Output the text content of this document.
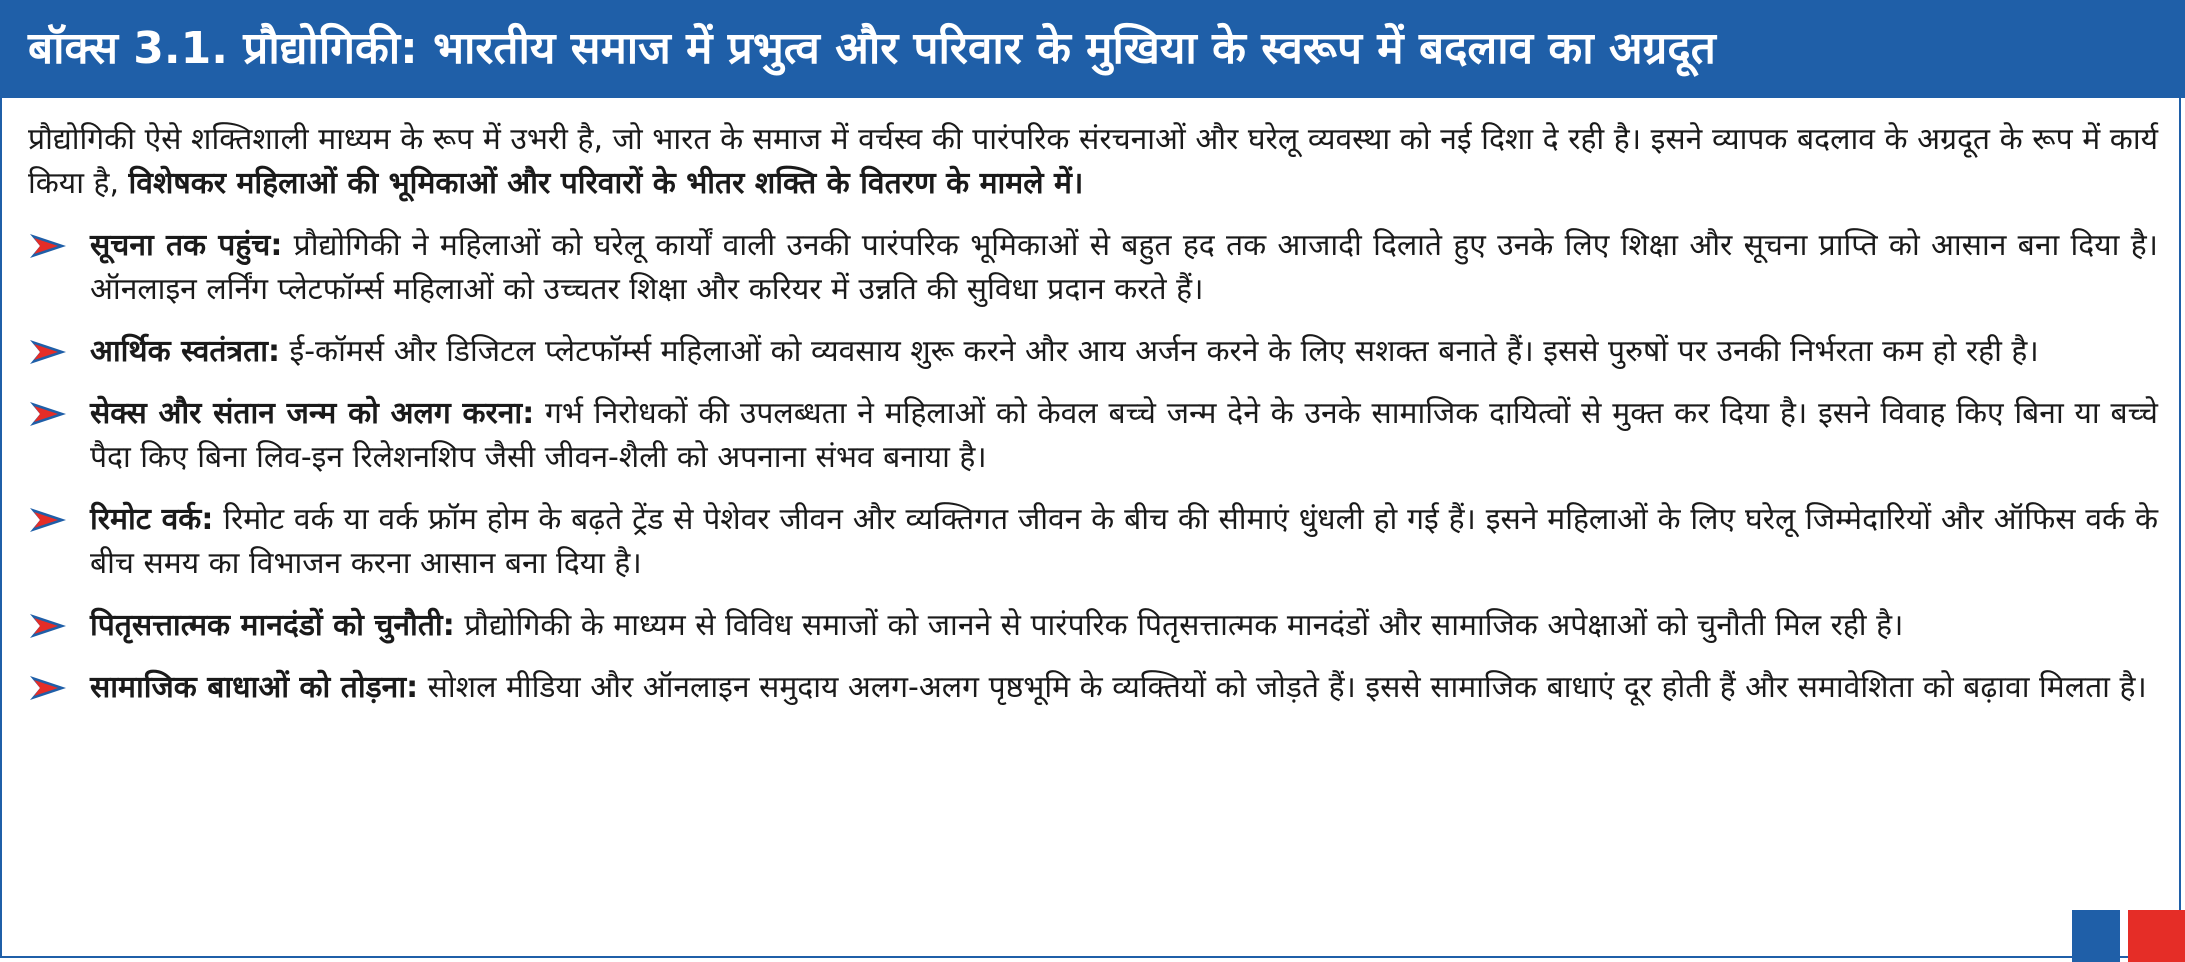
बॉक्स 3.1. प्रौद्योगिकी: भारतीय समाज में प्रभुत्व और परिवार के मुखिया के स्वरूप में बदलाव का अग्रदूत

प्रौद्योगिकी ऐसे शक्तिशाली माध्यम के रूप में उभरी है, जो भारत के समाज में वर्चस्व की पारंपरिक संरचनाओं और घरेलू व्यवस्था को नई दिशा दे रही है। इसने व्यापक बदलाव के अग्रदूत के रूप में कार्य किया है, विशेषकर महिलाओं की भूमिकाओं और परिवारों के भीतर शक्ति के वितरण के मामले में।

सूचना तक पहुंच: प्रौद्योगिकी ने महिलाओं को घरेलू कार्यों वाली उनकी पारंपरिक भूमिकाओं से बहुत हद तक आजादी दिलाते हुए उनके लिए शिक्षा और सूचना प्राप्ति को आसान बना दिया है। ऑनलाइन लर्निंग प्लेटफॉर्म्स महिलाओं को उच्चतर शिक्षा और करियर में उन्नति की सुविधा प्रदान करते हैं।
आर्थिक स्वतंत्रता: ई-कॉमर्स और डिजिटल प्लेटफॉर्म्स महिलाओं को व्यवसाय शुरू करने और आय अर्जन करने के लिए सशक्त बनाते हैं। इससे पुरुषों पर उनकी निर्भरता कम हो रही है।
सेक्स और संतान जन्म को अलग करना: गर्भ निरोधकों की उपलब्धता ने महिलाओं को केवल बच्चे जन्म देने के उनके सामाजिक दायित्वों से मुक्त कर दिया है। इसने विवाह किए बिना या बच्चे पैदा किए बिना लिव-इन रिलेशनशिप जैसी जीवन-शैली को अपनाना संभव बनाया है।
रिमोट वर्क: रिमोट वर्क या वर्क फ्रॉम होम के बढ़ते ट्रेंड से पेशेवर जीवन और व्यक्तिगत जीवन के बीच की सीमाएं धुंधली हो गई हैं। इसने महिलाओं के लिए घरेलू जिम्मेदारियों और ऑफिस वर्क के बीच समय का विभाजन करना आसान बना दिया है।
पितृसत्तात्मक मानदंडों को चुनौती: प्रौद्योगिकी के माध्यम से विविध समाजों को जानने से पारंपरिक पितृसत्तात्मक मानदंडों और सामाजिक अपेक्षाओं को चुनौती मिल रही है।
सामाजिक बाधाओं को तोड़ना: सोशल मीडिया और ऑनलाइन समुदाय अलग-अलग पृष्ठभूमि के व्यक्तियों को जोड़ते हैं। इससे सामाजिक बाधाएं दूर होती हैं और समावेशिता को बढ़ावा मिलता है।
